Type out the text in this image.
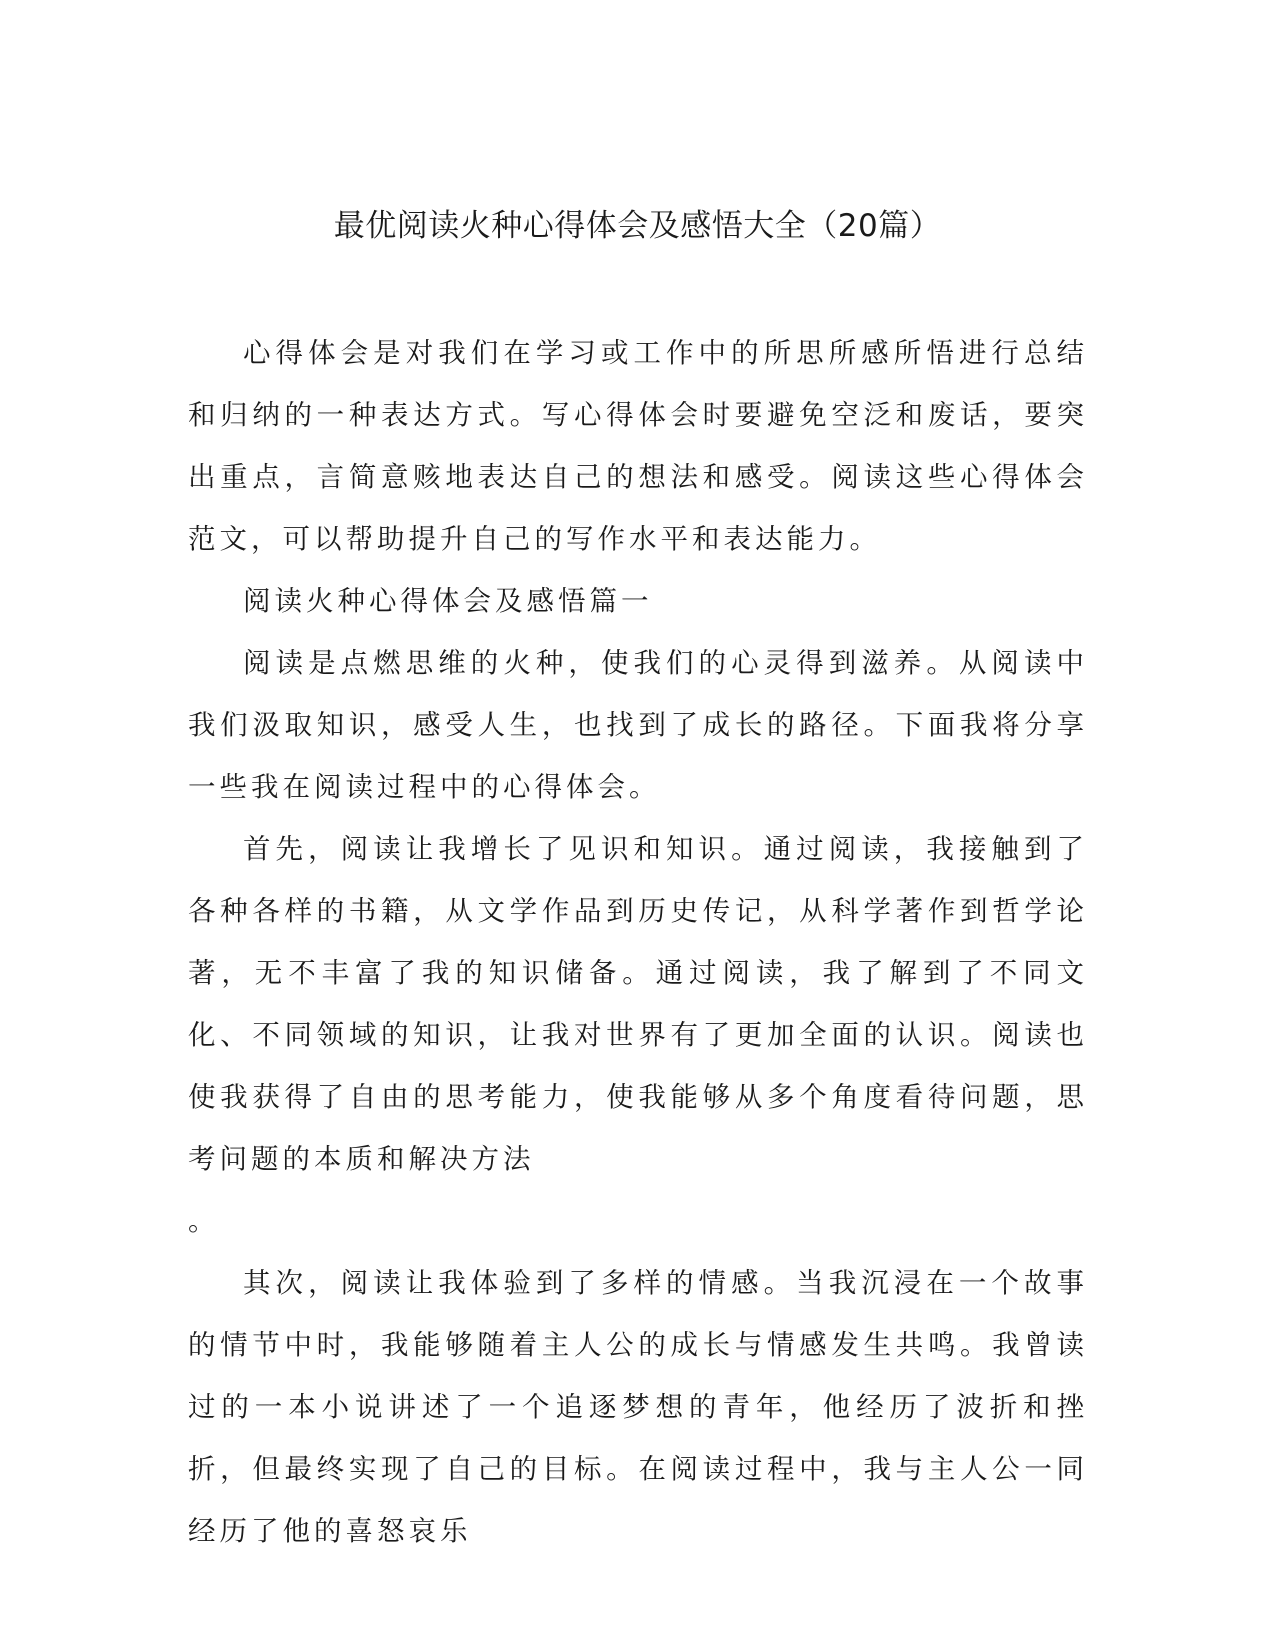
最优阅读火种心得体会及感悟大全（20篇）

心得体会是对我们在学习或工作中的所思所感所悟进行总结和归纳的一种表达方式。写心得体会时要避免空泛和废话，要突出重点，言简意赅地表达自己的想法和感受。阅读这些心得体会范文，可以帮助提升自己的写作水平和表达能力。

阅读火种心得体会及感悟篇一

阅读是点燃思维的火种，使我们的心灵得到滋养。从阅读中我们汲取知识，感受人生，也找到了成长的路径。下面我将分享一些我在阅读过程中的心得体会。

首先，阅读让我增长了见识和知识。通过阅读，我接触到了各种各样的书籍，从文学作品到历史传记，从科学著作到哲学论著，无不丰富了我的知识储备。通过阅读，我了解到了不同文化、不同领域的知识，让我对世界有了更加全面的认识。阅读也使我获得了自由的思考能力，使我能够从多个角度看待问题，思考问题的本质和解决方法

。

其次，阅读让我体验到了多样的情感。当我沉浸在一个故事的情节中时，我能够随着主人公的成长与情感发生共鸣。我曾读过的一本小说讲述了一个追逐梦想的青年，他经历了波折和挫折，但最终实现了自己的目标。在阅读过程中，我与主人公一同经历了他的喜怒哀乐
